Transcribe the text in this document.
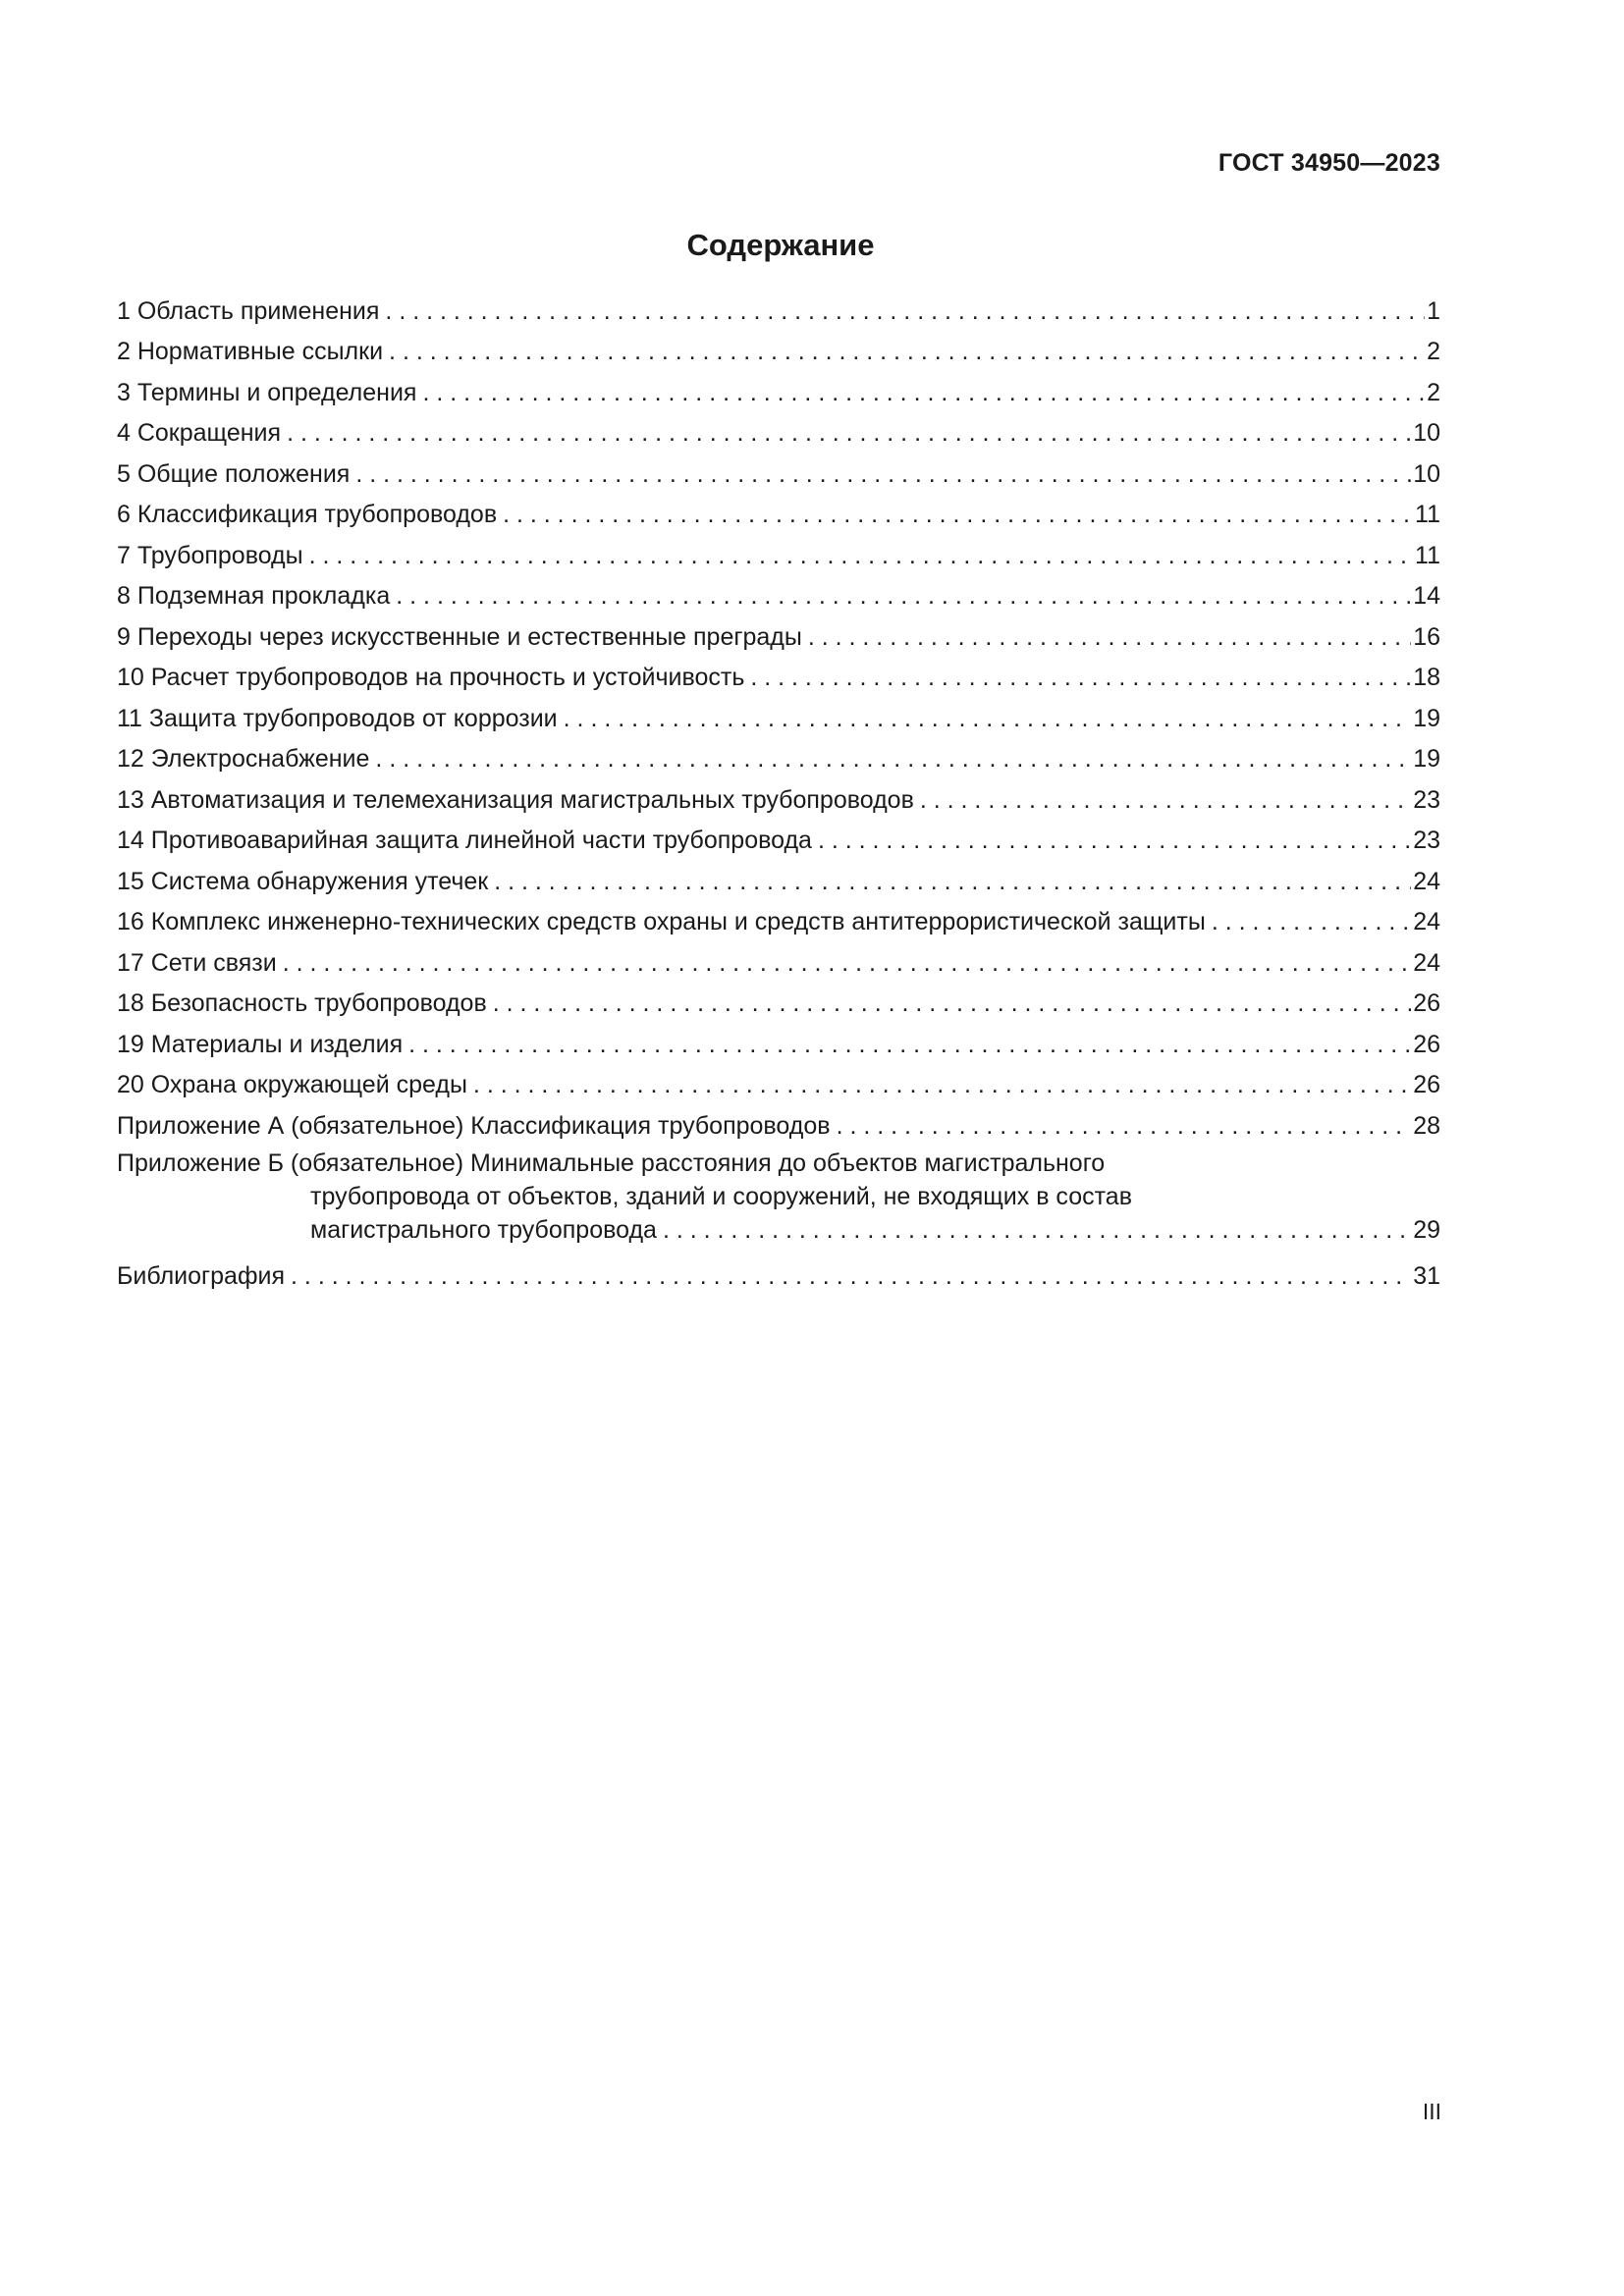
ГОСТ 34950—2023
Содержание
1 Область применения . . .	1
2 Нормативные ссылки . . .	2
3 Термины и определения . . .	2
4 Сокращения . . .	10
5 Общие положения . . .	10
6 Классификация трубопроводов . . .	11
7 Трубопроводы . . .	11
8 Подземная прокладка . . .	14
9 Переходы через искусственные и естественные преграды . . .	16
10 Расчет трубопроводов на прочность и устойчивость . . .	18
11 Защита трубопроводов от коррозии . . .	19
12 Электроснабжение . . .	19
13 Автоматизация и телемеханизация магистральных трубопроводов . . .	23
14 Противоаварийная защита линейной части трубопровода . . .	23
15 Система обнаружения утечек . . .	24
16 Комплекс инженерно-технических средств охраны и средств антитеррористической защиты . . .	24
17 Сети связи . . .	24
18 Безопасность трубопроводов . . .	26
19 Материалы и изделия . . .	26
20 Охрана окружающей среды . . .	26
Приложение А (обязательное) Классификация трубопроводов . . .	28
Приложение Б (обязательное) Минимальные расстояния до объектов магистрального
трубопровода от объектов, зданий и сооружений, не входящих в состав
магистрального трубопровода . . .	29
Библиография . . .	31
III
